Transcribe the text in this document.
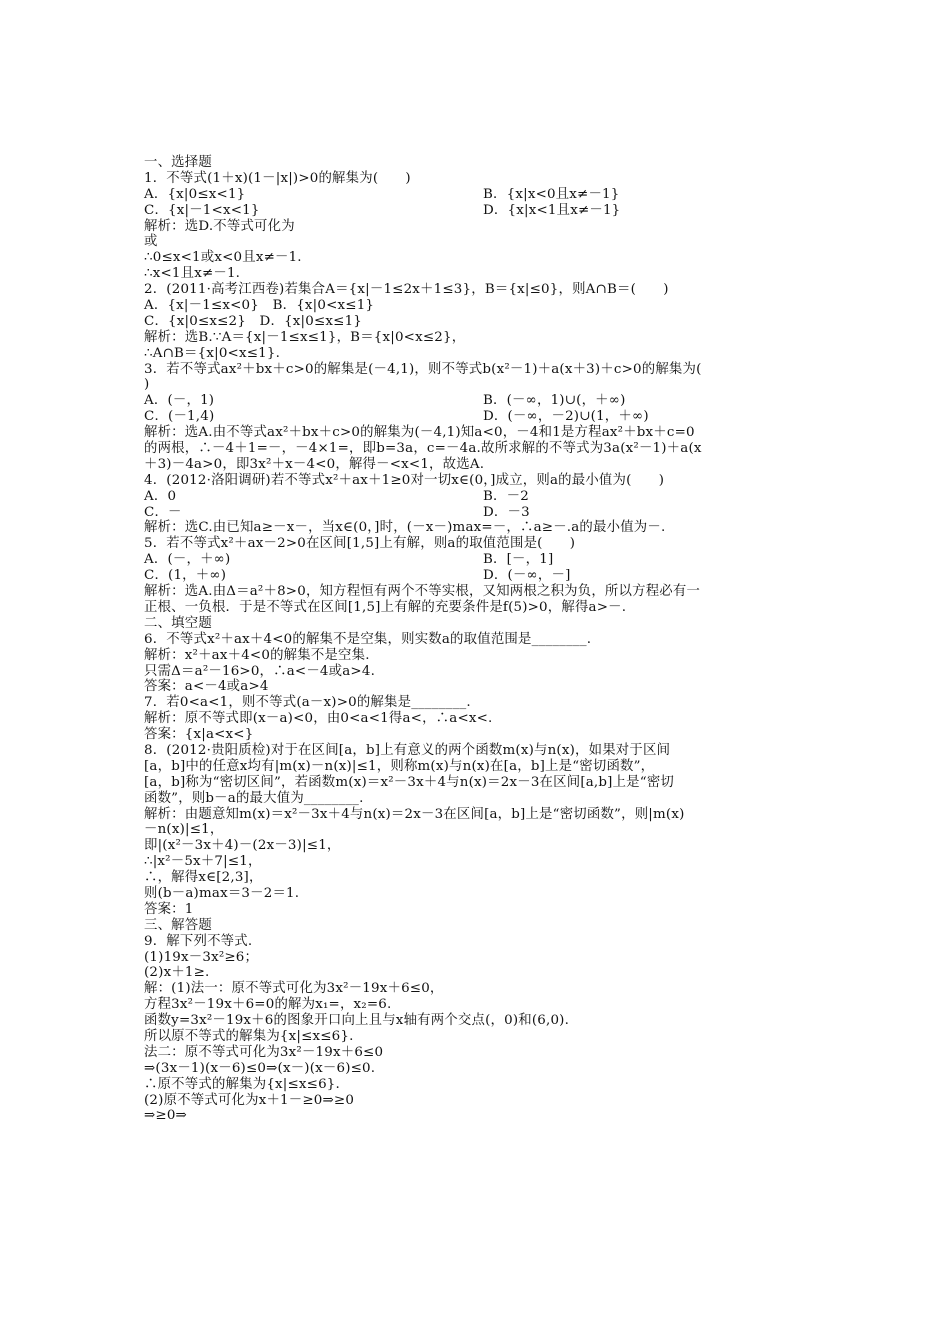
一、选择题
1．不等式(1＋x)(1－|x|)>0的解集为(　　)
A．{x|0≤x<1}	B．{x|x<0且x≠－1}
C．{x|－1<x<1}	D．{x|x<1且x≠－1}
解析：选D.不等式可化为
或
∴0≤x<1或x<0且x≠－1.
∴x<1且x≠－1.
2．(2011·高考江西卷)若集合A＝{x|－1≤2x＋1≤3}，B＝{x|≤0}，则A∩B＝(　　)
A．{x|－1≤x<0}　B．{x|0<x≤1}
C．{x|0≤x≤2}　D．{x|0≤x≤1}
解析：选B.∵A＝{x|－1≤x≤1}，B＝{x|0<x≤2}，
∴A∩B＝{x|0<x≤1}.
3．若不等式ax²＋bx＋c>0的解集是(－4,1)，则不等式b(x²－1)＋a(x＋3)＋c>0的解集为(
)
A．(－，1)	B．(－∞，1)∪(，＋∞)
C．(－1,4)	D．(－∞，－2)∪(1，＋∞)
解析：选A.由不等式ax²＋bx＋c>0的解集为(－4,1)知a<0，－4和1是方程ax²＋bx＋c=0
的两根，∴－4＋1=－，－4×1=，即b=3a，c=－4a.故所求解的不等式为3a(x²－1)＋a(x
＋3)－4a>0，即3x²＋x－4<0，解得－<x<1，故选A.
4．(2012·洛阳调研)若不等式x²＋ax＋1≥0对一切x∈(0，]成立，则a的最小值为(　　)
A．0	B．－2
C．－	D．－3
解析：选C.由已知a≥－x－，当x∈(0，]时，(－x－)max=－，∴a≥－.a的最小值为－.
5．若不等式x²＋ax－2>0在区间[1,5]上有解，则a的取值范围是(　　)
A．(－，＋∞)	B．[－，1]
C．(1，＋∞)	D．(－∞，－]
解析：选A.由Δ＝a²＋8>0，知方程恒有两个不等实根，又知两根之积为负，所以方程必有一
正根、一负根．于是不等式在区间[1,5]上有解的充要条件是f(5)>0，解得a>－.
二、填空题
6．不等式x²＋ax＋4<0的解集不是空集，则实数a的取值范围是________.
解析：x²＋ax＋4<0的解集不是空集.
只需Δ＝a²－16>0，∴a<－4或a>4.
答案：a<－4或a>4
7．若0<a<1，则不等式(a－x)>0的解集是________.
解析：原不等式即(x－a)<0，由0<a<1得a<，∴a<x<.
答案：{x|a<x<}
8．(2012·贵阳质检)对于在区间[a，b]上有意义的两个函数m(x)与n(x)，如果对于区间
[a，b]中的任意x均有|m(x)－n(x)|≤1，则称m(x)与n(x)在[a，b]上是“密切函数”，
[a，b]称为“密切区间”，若函数m(x)＝x²－3x＋4与n(x)＝2x－3在区间[a,b]上是“密切
函数”，则b－a的最大值为________.
解析：由题意知m(x)＝x²－3x＋4与n(x)＝2x－3在区间[a，b]上是“密切函数”，则|m(x)
－n(x)|≤1，
即|(x²－3x＋4)－(2x－3)|≤1，
∴|x²－5x＋7|≤1，
∴，解得x∈[2,3]，
则(b－a)max＝3－2＝1.
答案：1
三、解答题
9．解下列不等式.
(1)19x－3x²≥6；
(2)x＋1≥.
解：(1)法一：原不等式可化为3x²－19x＋6≤0，
方程3x²－19x＋6=0的解为x₁=，x₂=6.
函数y=3x²－19x＋6的图象开口向上且与x轴有两个交点(，0)和(6,0).
所以原不等式的解集为{x|≤x≤6}.
法二：原不等式可化为3x²－19x＋6≤0
⇒(3x－1)(x－6)≤0⇒(x－)(x－6)≤0.
∴原不等式的解集为{x|≤x≤6}.
(2)原不等式可化为x＋1－≥0⇒≥0
⇒≥0⇒
